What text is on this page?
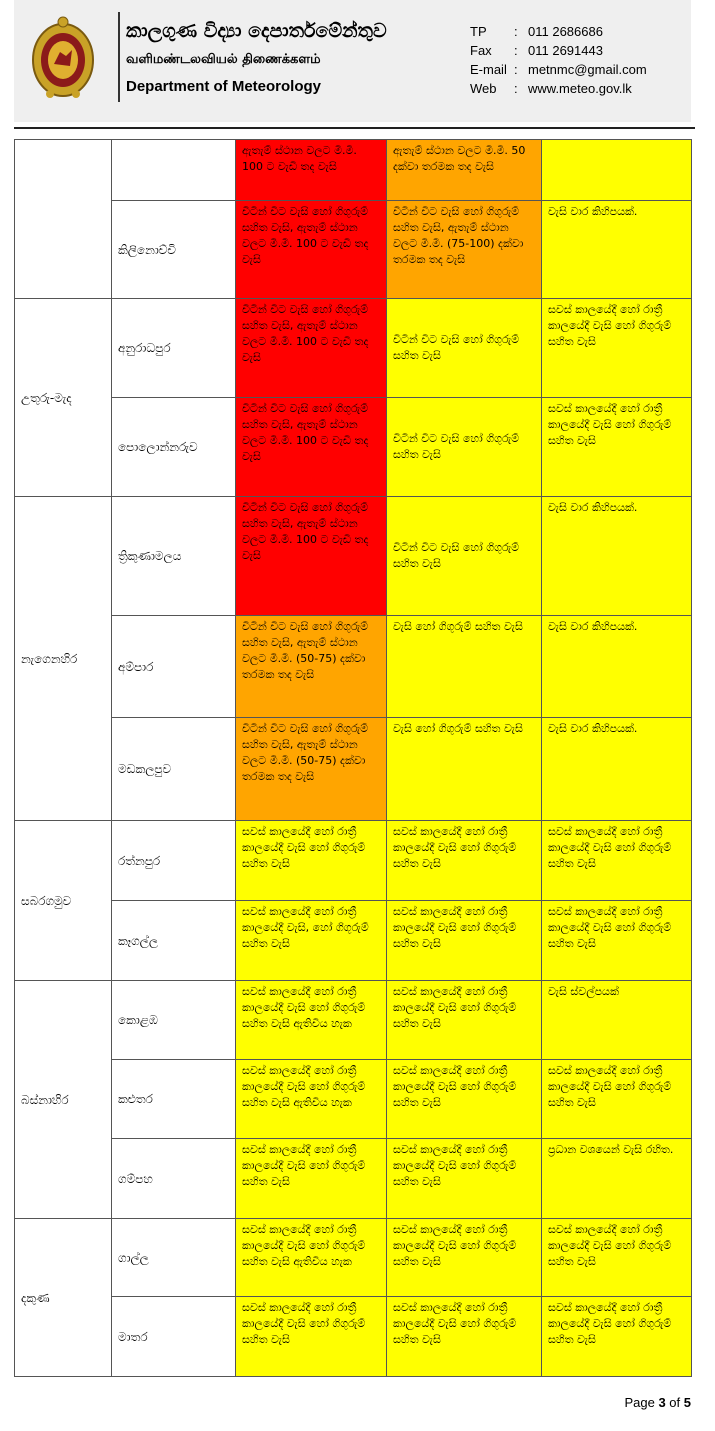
කාලගුණ විද්‍යා දෙපාර්තමේන්තුව
வளிமண்டலவியல் திணைக்களம்
Department of Meteorology
TP	: 011 2686686
Fax	: 011 2691443
E-mail : metnmc@gmail.com
Web	: www.meteo.gov.lk
		ඇතැම් ස්ථාන වලට මි.මී. 100 ට වැඩි තද වැසි	ඇතැම් ස්ථාන වලට මි.මී. 50 දක්වා තරමක තද වැසි	
	කිලිනොච්චි	විටින් විට වැසි හෝ ගිගුරුම් සහිත වැසි, ඇතැම් ස්ථාන වලට මි.මී. 100 ට වැඩි තද වැසි	විටින් විට වැසි හෝ ගිගුරුම් සහිත වැසි, ඇතැම් ස්ථාන වලට මි.මී. (75-100) දක්වා තරමක තද වැසි	වැසි වාර කිහිපයක්.
උතුරු-මැද	අනුරාධපුර	විටින් විට වැසි හෝ ගිගුරුම් සහිත වැසි, ඇතැම් ස්ථාන වලට මි.මී. 100 ට වැඩි තද වැසි	විටින් විට වැසි හෝ ගිගුරුම් සහිත වැසි	සවස් කාලයේදී හෝ රාත්‍රී කාලයේදී වැසි හෝ ගිගුරුම් සහිත වැසි
	පොලොන්නරුව	විටින් විට වැසි හෝ ගිගුරුම් සහිත වැසි, ඇතැම් ස්ථාන වලට මි.මී. 100 ට වැඩි තද වැසි	විටින් විට වැසි හෝ ගිගුරුම් සහිත වැසි	සවස් කාලයේදී හෝ රාත්‍රී කාලයේදී වැසි හෝ ගිගුරුම් සහිත වැසි
නැගෙනහිර	ත්‍රිකුණාමලය	විටින් විට වැසි හෝ ගිගුරුම් සහිත වැසි, ඇතැම් ස්ථාන වලට මි.මී. 100 ට වැඩි තද වැසි	විටින් විට වැසි හෝ ගිගුරුම් සහිත වැසි	වැසි වාර කිහිපයක්.
	අම්පාර	විටින් විට වැසි හෝ ගිගුරුම් සහිත වැසි, ඇතැම් ස්ථාන වලට මි.මී. (50-75) දක්වා තරමක තද වැසි	වැසි හෝ ගිගුරුම් සහිත වැසි	වැසි වාර කිහිපයක්.
	මඩකලපුව	විටින් විට වැසි හෝ ගිගුරුම් සහිත වැසි, ඇතැම් ස්ථාන වලට මි.මී. (50-75) දක්වා තරමක තද වැසි	වැසි හෝ ගිගුරුම් සහිත වැසි	වැසි වාර කිහිපයක්.
සබරගමුව	රත්නපුර	සවස් කාලයේදී හෝ රාත්‍රී කාලයේදී වැසි හෝ ගිගුරුම් සහිත වැසි	සවස් කාලයේදී හෝ රාත්‍රී කාලයේදී වැසි හෝ ගිගුරුම් සහිත වැසි	සවස් කාලයේදී හෝ රාත්‍රී කාලයේදී වැසි හෝ ගිගුරුම් සහිත වැසි
	කෑගල්ල	සවස් කාලයේදී හෝ රාත්‍රී කාලයේදී වැසි, හෝ ගිගුරුම් සහිත වැසි	සවස් කාලයේදී හෝ රාත්‍රී කාලයේදී වැසි හෝ ගිගුරුම් සහිත වැසි	සවස් කාලයේදී හෝ රාත්‍රී කාලයේදී වැසි හෝ ගිගුරුම් සහිත වැසි
බස්නාහිර	කොළඹ	සවස් කාලයේදී හෝ රාත්‍රී කාලයේදී වැසි හෝ ගිගුරුම් සහිත වැසි ඇතිවිය හැක	සවස් කාලයේදී හෝ රාත්‍රී කාලයේදී වැසි හෝ ගිගුරුම් සහිත වැසි	වැසි ස්වල්පයක්
	කළුතර	සවස් කාලයේදී හෝ රාත්‍රී කාලයේදී වැසි හෝ ගිගුරුම් සහිත වැසි ඇතිවිය හැක	සවස් කාලයේදී හෝ රාත්‍රී කාලයේදී වැසි හෝ ගිගුරුම් සහිත වැසි	සවස් කාලයේදී හෝ රාත්‍රී කාලයේදී වැසි හෝ ගිගුරුම් සහිත වැසි
	ගම්පහ	සවස් කාලයේදී හෝ රාත්‍රී කාලයේදී වැසි හෝ ගිගුරුම් සහිත වැසි	සවස් කාලයේදී හෝ රාත්‍රී කාලයේදී වැසි හෝ ගිගුරුම් සහිත වැසි	ප්‍රධාන වශයෙන් වැසි රහිත.
දකුණ	ගාල්ල	සවස් කාලයේදී හෝ රාත්‍රී කාලයේදී වැසි හෝ ගිගුරුම් සහිත වැසි ඇතිවිය හැක	සවස් කාලයේදී හෝ රාත්‍රී කාලයේදී වැසි හෝ ගිගුරුම් සහිත වැසි	සවස් කාලයේදී හෝ රාත්‍රී කාලයේදී වැසි හෝ ගිගුරුම් සහිත වැසි
	මාතර	සවස් කාලයේදී හෝ රාත්‍රී කාලයේදී වැසි හෝ ගිගුරුම් සහිත වැසි	සවස් කාලයේදී හෝ රාත්‍රී කාලයේදී වැසි හෝ ගිගුරුම් සහිත වැසි	සවස් කාලයේදී හෝ රාත්‍රී කාලයේදී වැසි හෝ ගිගුරුම් සහිත වැසි
Page 3 of 5
